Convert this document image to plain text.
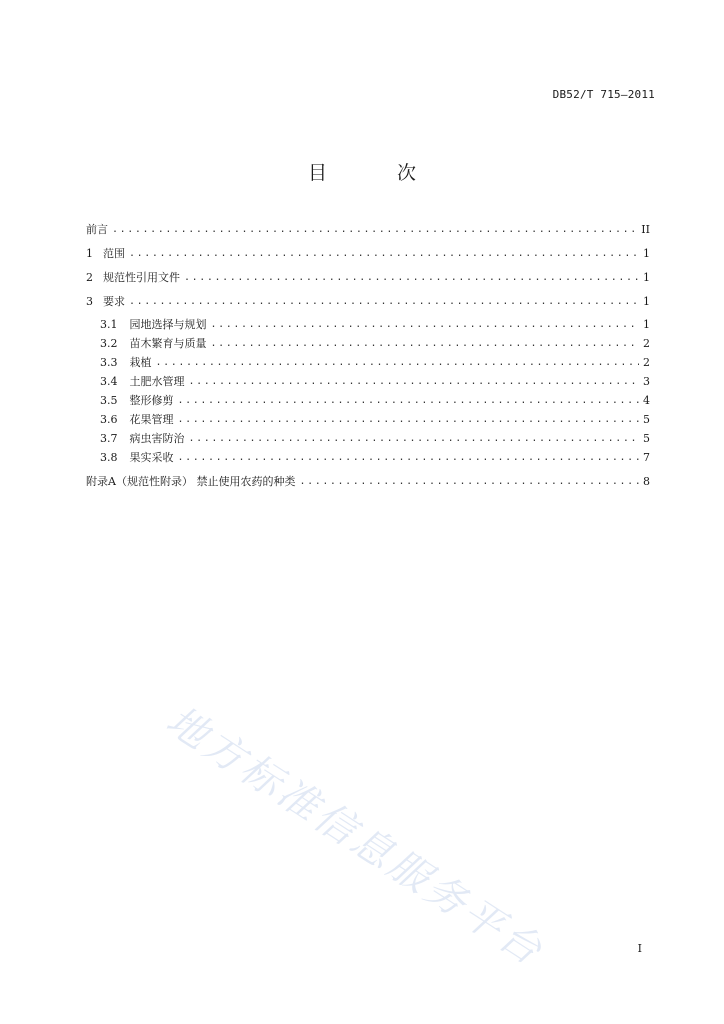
DB52/T 715—2011
目 次
前言 .....	II
1 范围 .....	1
2 规范性引用文件 .....	1
3 要求 .....	1
3.1 园地选择与规划 .....	1
3.2 苗木繁育与质量 .....	2
3.3 栽植 .....	2
3.4 土肥水管理 .....	3
3.5 整形修剪 .....	4
3.6 花果管理 .....	5
3.7 病虫害防治 .....	5
3.8 果实采收 .....	7
附录A（规范性附录） 禁止使用农药的种类 .....	8
地方标准信息服务平台	I
